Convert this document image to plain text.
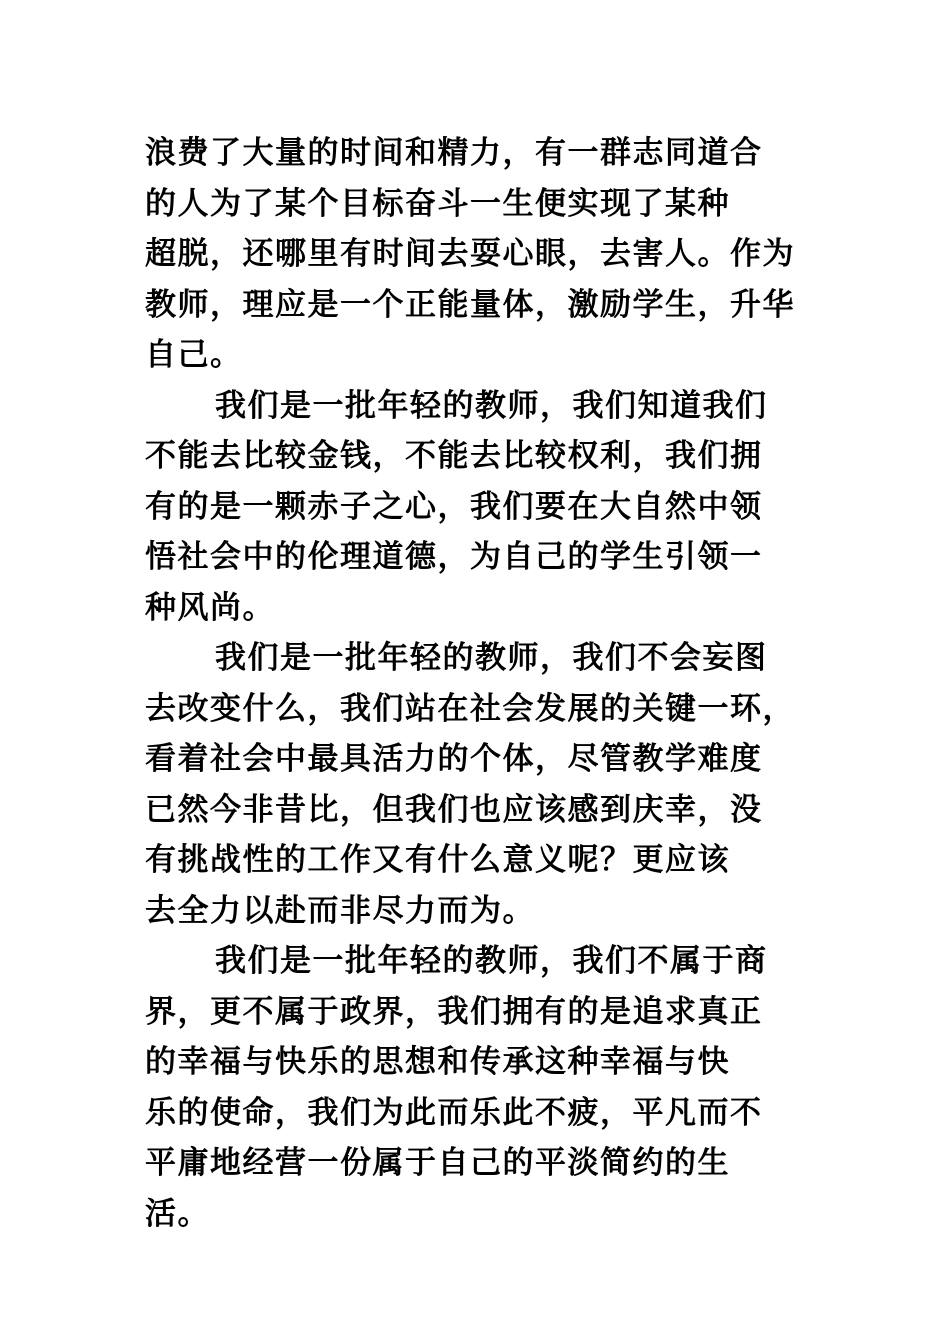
浪费了大量的时间和精力，有一群志同道合
的人为了某个目标奋斗一生便实现了某种
超脱，还哪里有时间去耍心眼，去害人。作为
教师，理应是一个正能量体，激励学生，升华
自己。
我们是一批年轻的教师，我们知道我们
不能去比较金钱，不能去比较权利，我们拥
有的是一颗赤子之心，我们要在大自然中领
悟社会中的伦理道德，为自己的学生引领一
种风尚。
我们是一批年轻的教师，我们不会妄图
去改变什么，我们站在社会发展的关键一环，
看着社会中最具活力的个体，尽管教学难度
已然今非昔比，但我们也应该感到庆幸，没
有挑战性的工作又有什么意义呢？更应该
去全力以赴而非尽力而为。
我们是一批年轻的教师，我们不属于商
界，更不属于政界，我们拥有的是追求真正
的幸福与快乐的思想和传承这种幸福与快
乐的使命，我们为此而乐此不疲，平凡而不
平庸地经营一份属于自己的平淡简约的生
活。
